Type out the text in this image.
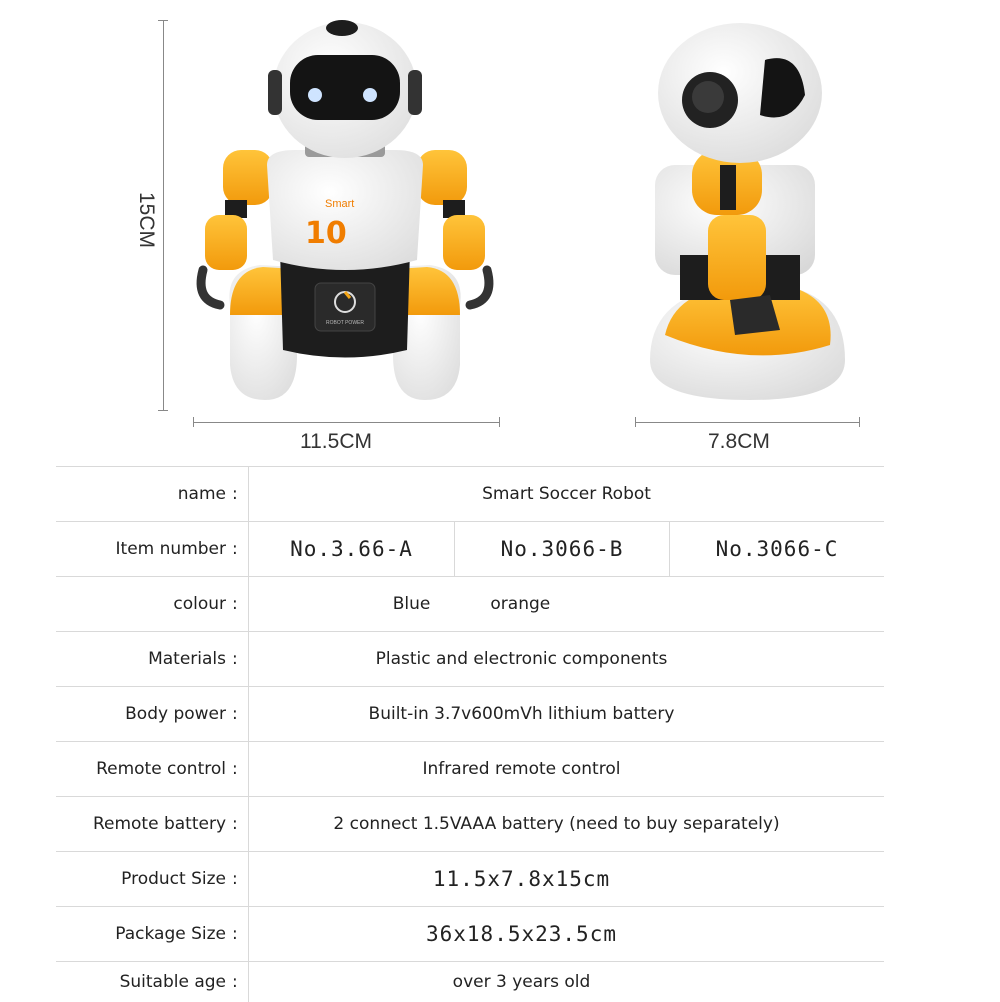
15CM
11.5CM	7.8CM
ROBOT POWER
Smart
10
name :	Smart Soccer Robot
Item number :	No.3.66-A	No.3066-B	No.3066-C
colour :	Blue	orange
Materials :	Plastic and electronic components
Body power :	Built-in 3.7v600mVh lithium battery
Remote control :	Infrared remote control
Remote battery :	2 connect 1.5VAAA battery (need to buy separately)
Product Size :	11.5x7.8x15cm
Package Size :	36x18.5x23.5cm
Suitable age :	over 3 years old
